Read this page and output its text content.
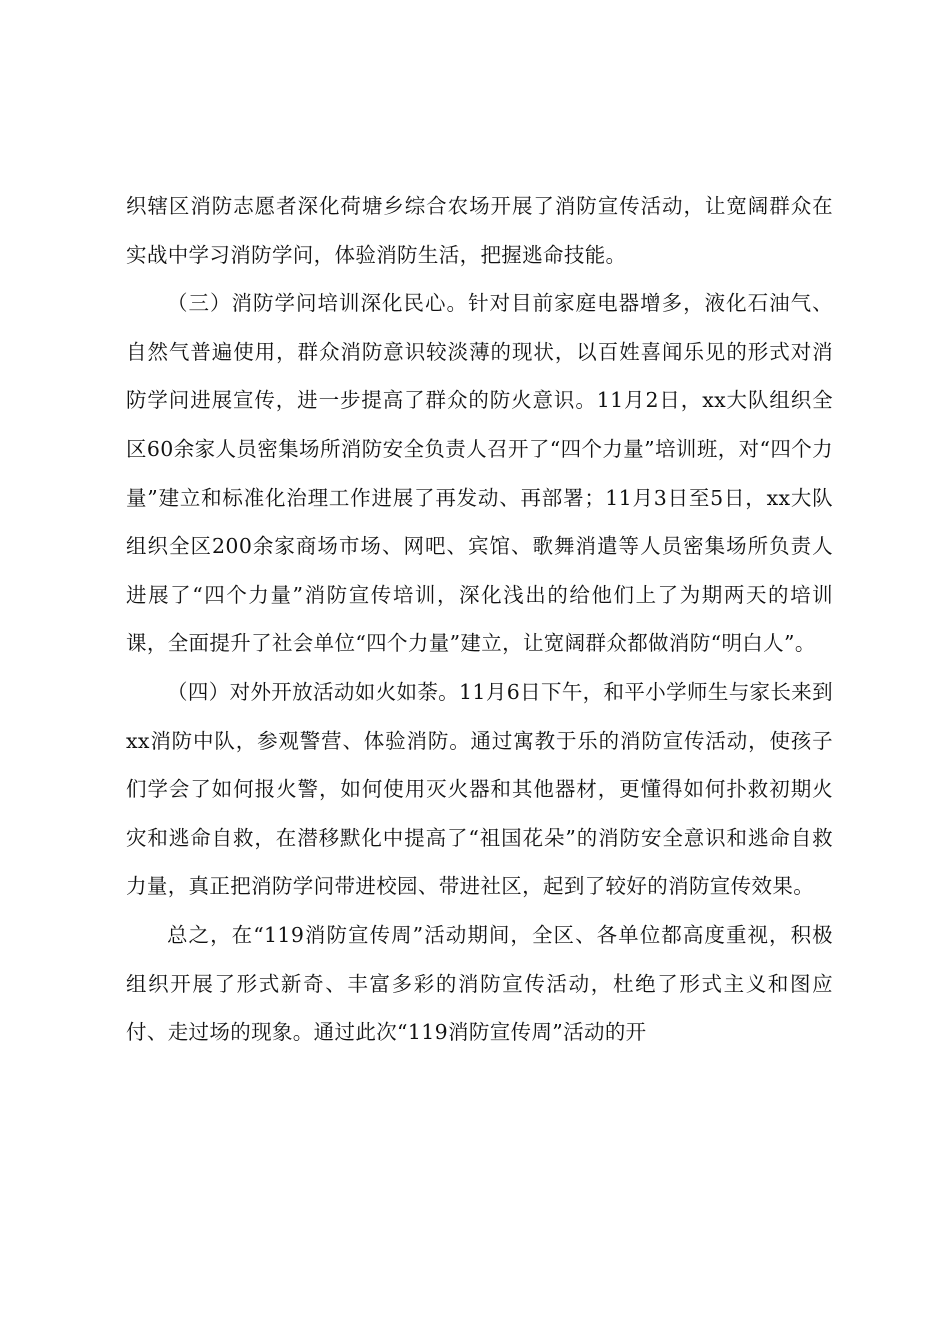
织辖区消防志愿者深化荷塘乡综合农场开展了消防宣传活动，让宽阔群众在实战中学习消防学问，体验消防生活，把握逃命技能。

（三）消防学问培训深化民心。针对目前家庭电器增多，液化石油气、自然气普遍使用，群众消防意识较淡薄的现状，以百姓喜闻乐见的形式对消防学问进展宣传，进一步提高了群众的防火意识。11月2日，xx大队组织全区60余家人员密集场所消防安全负责人召开了“四个力量”培训班，对“四个力量”建立和标准化治理工作进展了再发动、再部署；11月3日至5日，xx大队组织全区200余家商场市场、网吧、宾馆、歌舞消遣等人员密集场所负责人进展了“四个力量”消防宣传培训，深化浅出的给他们上了为期两天的培训课，全面提升了社会单位“四个力量”建立，让宽阔群众都做消防“明白人”。

（四）对外开放活动如火如荼。11月6日下午，和平小学师生与家长来到xx消防中队，参观警营、体验消防。通过寓教于乐的消防宣传活动，使孩子们学会了如何报火警，如何使用灭火器和其他器材，更懂得如何扑救初期火灾和逃命自救，在潜移默化中提高了“祖国花朵”的消防安全意识和逃命自救力量，真正把消防学问带进校园、带进社区，起到了较好的消防宣传效果。

总之，在“119消防宣传周”活动期间，全区、各单位都高度重视，积极组织开展了形式新奇、丰富多彩的消防宣传活动，杜绝了形式主义和图应付、走过场的现象。通过此次“119消防宣传周”活动的开
